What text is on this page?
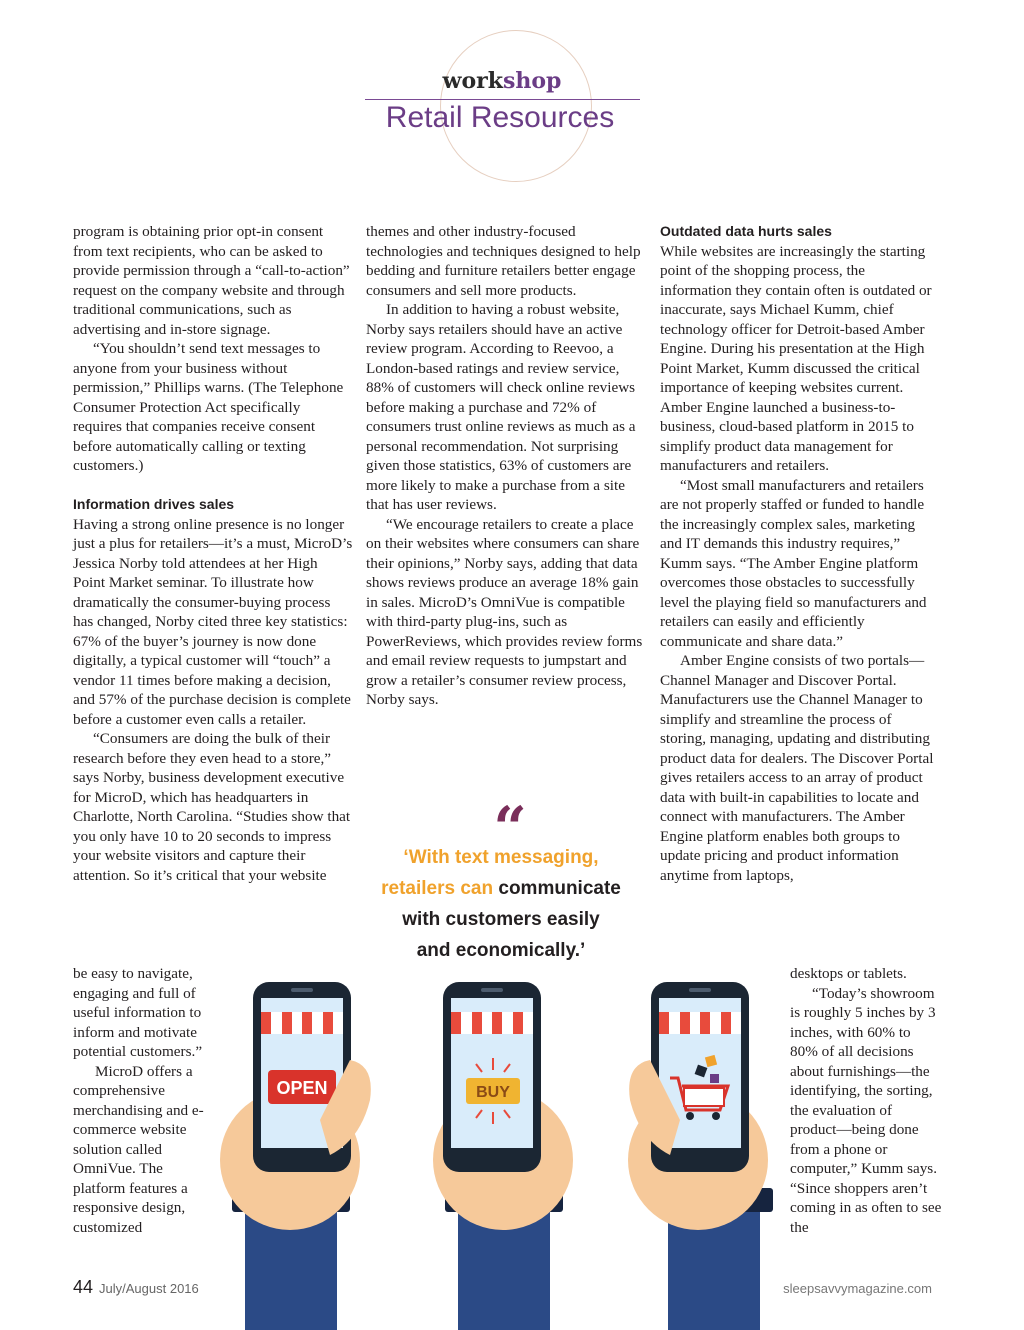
workshop
Retail Resources

program is obtaining prior opt-in consent from text recipients, who can be asked to provide permission through a “call-to-action” request on the company website and through traditional communications, such as advertising and in-store signage.

“You shouldn’t send text messages to anyone from your business without permission,” Phillips warns. (The Telephone Consumer Protection Act specifically requires that companies receive consent before automatically calling or texting customers.)

Information drives sales

Having a strong online presence is no longer just a plus for retailers—it’s a must, MicroD’s Jessica Norby told attendees at her High Point Market seminar. To illustrate how dramatically the consumer-buying process has changed, Norby cited three key statistics: 67% of the buyer’s journey is now done digitally, a typical customer will “touch” a vendor 11 times before making a decision, and 57% of the purchase decision is complete before a customer even calls a retailer.

“Consumers are doing the bulk of their research before they even head to a store,” says Norby, business development executive for MicroD, which has headquarters in Charlotte, North Carolina. “Studies show that you only have 10 to 20 seconds to impress your website visitors and capture their attention. So it’s critical that your website

be easy to navigate, engaging and full of useful information to inform and motivate potential customers.”

MicroD offers a comprehensive merchandising and e-commerce website solution called OmniVue. The platform features a responsive design, customized

themes and other industry-focused technologies and techniques designed to help bedding and furniture retailers better engage consumers and sell more products.

In addition to having a robust website, Norby says retailers should have an active review program. According to Reevoo, a London-based ratings and review service, 88% of customers will check online reviews before making a purchase and 72% of consumers trust online reviews as much as a personal recommendation. Not surprising given those statistics, 63% of customers are more likely to make a purchase from a site that has user reviews.

“We encourage retailers to create a place on their websites where consumers can share their opinions,” Norby says, adding that data shows reviews produce an average 18% gain in sales. MicroD’s OmniVue is compatible with third-party plug-ins, such as PowerReviews, which provides review forms and email review requests to jumpstart and grow a retailer’s consumer review process, Norby says.

“
‘With text messaging,
retailers can communicate
with customers easily
and economically.’
Outdated data hurts sales

While websites are increasingly the starting point of the shopping process, the information they contain often is outdated or inaccurate, says Michael Kumm, chief technology officer for Detroit-based Amber Engine. During his presentation at the High Point Market, Kumm discussed the critical importance of keeping websites current. Amber Engine launched a business-to-business, cloud-based platform in 2015 to simplify product data management for manufacturers and retailers.

“Most small manufacturers and retailers are not properly staffed or funded to handle the increasingly complex sales, marketing and IT demands this industry requires,” Kumm says. “The Amber Engine platform overcomes those obstacles to successfully level the playing field so manufacturers and retailers can easily and efficiently communicate and share data.”

Amber Engine consists of two portals—Channel Manager and Discover Portal. Manufacturers use the Channel Manager to simplify and streamline the process of storing, managing, updating and distributing product data for dealers. The Discover Portal gives retailers access to an array of product data with built-in capabilities to locate and connect with manufacturers. The Amber Engine platform enables both groups to update pricing and product information anytime from laptops,

desktops or tablets.

“Today’s showroom is roughly 5 inches by 3 inches, with 60% to 80% of all decisions about furnishings—the identifying, the sorting, the evaluation of product—being done from a phone or computer,” Kumm says. “Since shoppers aren’t coming in as often to see the

OPEN	BUY
44 July/August 2016	sleepsavvymagazine.com
